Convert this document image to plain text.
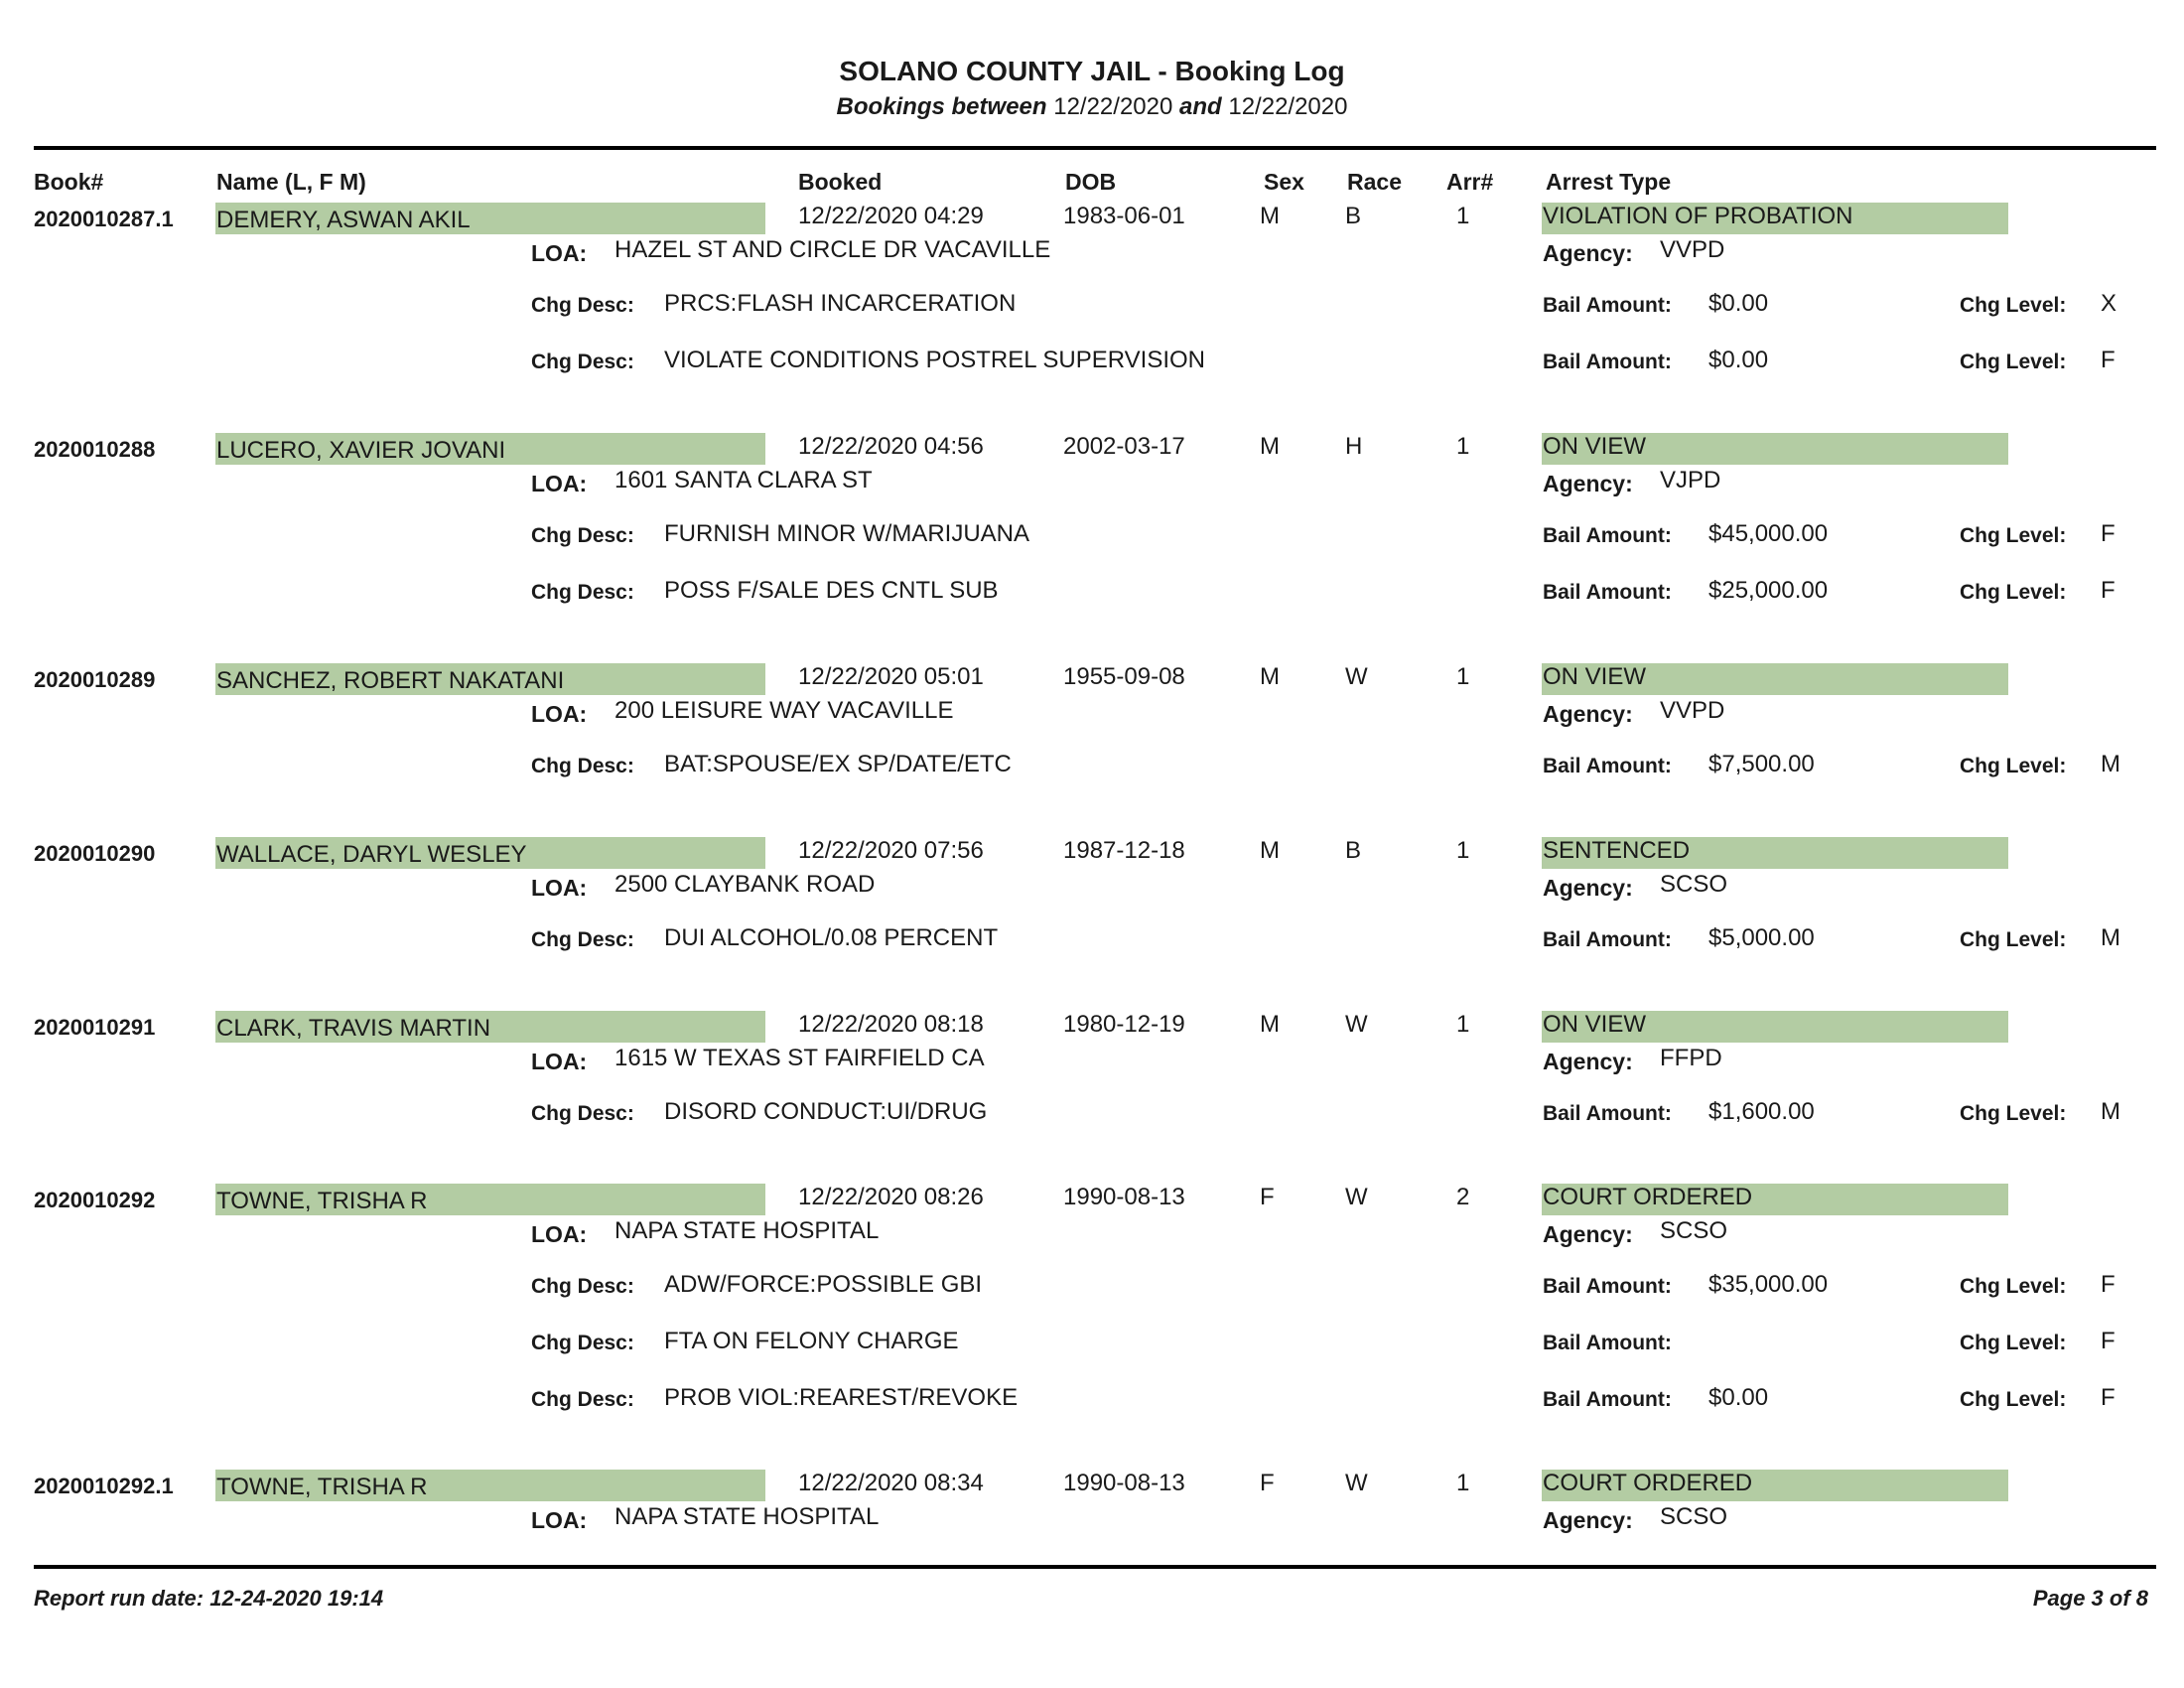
SOLANO COUNTY JAIL - Booking Log
Bookings between 12/22/2020 and 12/22/2020
Book#	Name (L, F M)	Booked	DOB	Sex Race Arr# Arrest Type
2020010287.1 DEMERY, ASWAN AKIL	12/22/2020 04:29	1983-06-01	M	B	1	VIOLATION OF PROBATION
LOA: HAZEL ST AND CIRCLE DR VACAVILLE	Agency: VVPD
Chg Desc: PRCS:FLASH INCARCERATION	Bail Amount: $0.00	Chg Level: X
Chg Desc: VIOLATE CONDITIONS POSTREL SUPERVISION	Bail Amount: $0.00	Chg Level: F
2020010288	LUCERO, XAVIER JOVANI	12/22/2020 04:56	2002-03-17	M	H	1	ON VIEW
LOA: 1601 SANTA CLARA ST	Agency: VJPD
Chg Desc: FURNISH MINOR W/MARIJUANA	Bail Amount: $45,000.00	Chg Level: F
Chg Desc: POSS F/SALE DES CNTL SUB	Bail Amount: $25,000.00	Chg Level: F
2020010289	SANCHEZ, ROBERT NAKATANI	12/22/2020 05:01	1955-09-08	M	W	1	ON VIEW
LOA: 200 LEISURE WAY VACAVILLE	Agency: VVPD
Chg Desc: BAT:SPOUSE/EX SP/DATE/ETC	Bail Amount: $7,500.00	Chg Level: M
2020010290	WALLACE, DARYL WESLEY	12/22/2020 07:56	1987-12-18	M	B	1	SENTENCED
LOA: 2500 CLAYBANK ROAD	Agency: SCSO
Chg Desc: DUI ALCOHOL/0.08 PERCENT	Bail Amount: $5,000.00	Chg Level: M
2020010291	CLARK, TRAVIS MARTIN	12/22/2020 08:18	1980-12-19	M	W	1	ON VIEW
LOA: 1615 W TEXAS ST FAIRFIELD CA	Agency: FFPD
Chg Desc: DISORD CONDUCT:UI/DRUG	Bail Amount: $1,600.00	Chg Level: M
2020010292	TOWNE, TRISHA R	12/22/2020 08:26	1990-08-13	F	W	2	COURT ORDERED
LOA: NAPA STATE HOSPITAL	Agency: SCSO
Chg Desc: ADW/FORCE:POSSIBLE GBI	Bail Amount: $35,000.00	Chg Level: F
Chg Desc: FTA ON FELONY CHARGE	Bail Amount:	Chg Level: F
Chg Desc: PROB VIOL:REAREST/REVOKE	Bail Amount: $0.00	Chg Level: F
2020010292.1 TOWNE, TRISHA R	12/22/2020 08:34	1990-08-13	F	W	1	COURT ORDERED
LOA: NAPA STATE HOSPITAL	Agency: SCSO
Report run date: 12-24-2020 19:14	Page 3 of 8
